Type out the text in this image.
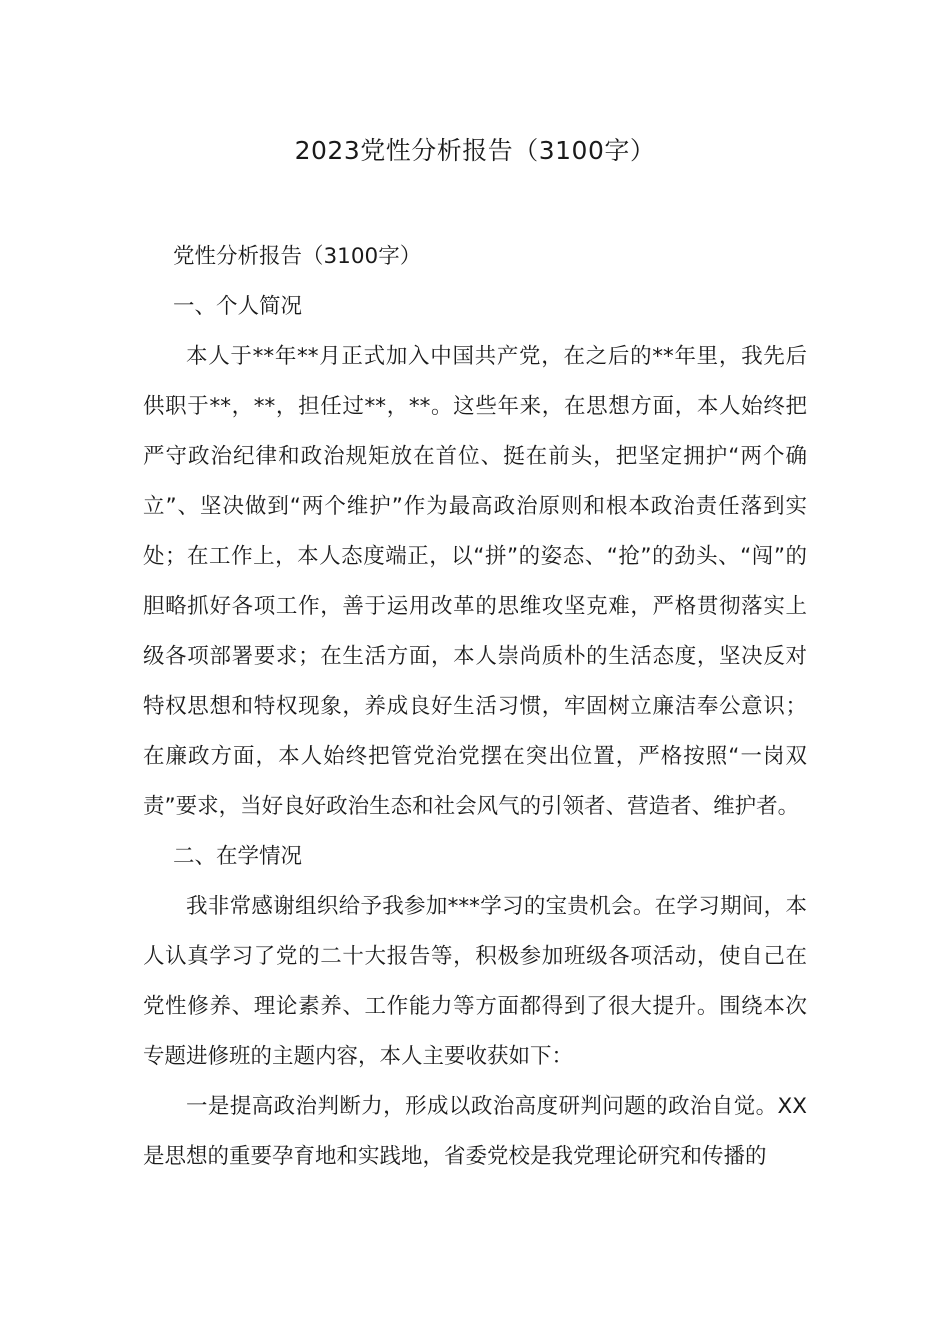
2023党性分析报告（3100字）

党性分析报告（3100字）

一、个人简况

本人于**年**月正式加入中国共产党，在之后的**年里，我先后供职于**，**，担任过**，**。这些年来，在思想方面，本人始终把严守政治纪律和政治规矩放在首位、挺在前头，把坚定拥护“两个确立”、坚决做到“两个维护”作为最高政治原则和根本政治责任落到实处；在工作上，本人态度端正，以“拼”的姿态、“抢”的劲头、“闯”的胆略抓好各项工作，善于运用改革的思维攻坚克难，严格贯彻落实上级各项部署要求；在生活方面，本人崇尚质朴的生活态度，坚决反对特权思想和特权现象，养成良好生活习惯，牢固树立廉洁奉公意识；在廉政方面，本人始终把管党治党摆在突出位置，严格按照“一岗双责”要求，当好良好政治生态和社会风气的引领者、营造者、维护者。

二、在学情况

我非常感谢组织给予我参加***学习的宝贵机会。在学习期间，本人认真学习了党的二十大报告等，积极参加班级各项活动，使自己在党性修养、理论素养、工作能力等方面都得到了很大提升。围绕本次专题进修班的主题内容，本人主要收获如下：

一是提高政治判断力，形成以政治高度研判问题的政治自觉。XX是思想的重要孕育地和实践地，省委党校是我党理论研究和传播的
